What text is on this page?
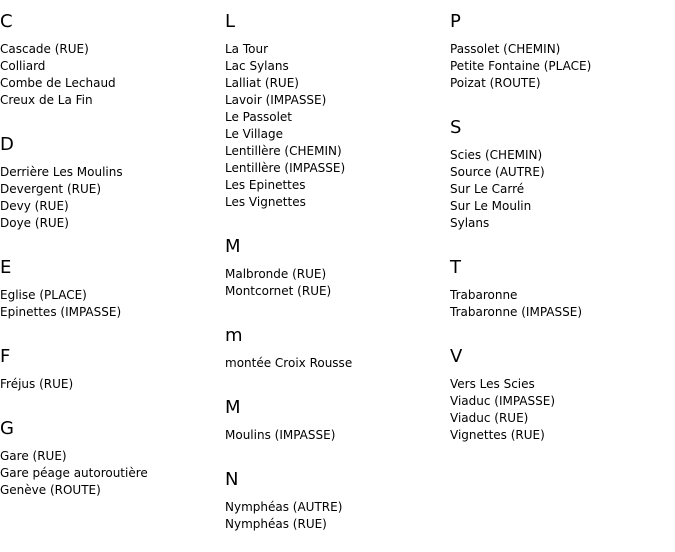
C
Cascade (RUE)
Colliard
Combe de Lechaud
Creux de La Fin
D
Derrière Les Moulins
Devergent (RUE)
Devy (RUE)
Doye (RUE)
E
Eglise (PLACE)
Epinettes (IMPASSE)
F
Fréjus (RUE)
G
Gare (RUE)
Gare péage autoroutière
Genève (ROUTE)
L
La Tour
Lac Sylans
Lalliat (RUE)
Lavoir (IMPASSE)
Le Passolet
Le Village
Lentillère (CHEMIN)
Lentillère (IMPASSE)
Les Epinettes
Les Vignettes
M
Malbronde (RUE)
Montcornet (RUE)
m
montée Croix Rousse
M
Moulins (IMPASSE)
N
Nymphéas (AUTRE)
Nymphéas (RUE)
P
Passolet (CHEMIN)
Petite Fontaine (PLACE)
Poizat (ROUTE)
S
Scies (CHEMIN)
Source (AUTRE)
Sur Le Carré
Sur Le Moulin
Sylans
T
Trabaronne
Trabaronne (IMPASSE)
V
Vers Les Scies
Viaduc (IMPASSE)
Viaduc (RUE)
Vignettes (RUE)
